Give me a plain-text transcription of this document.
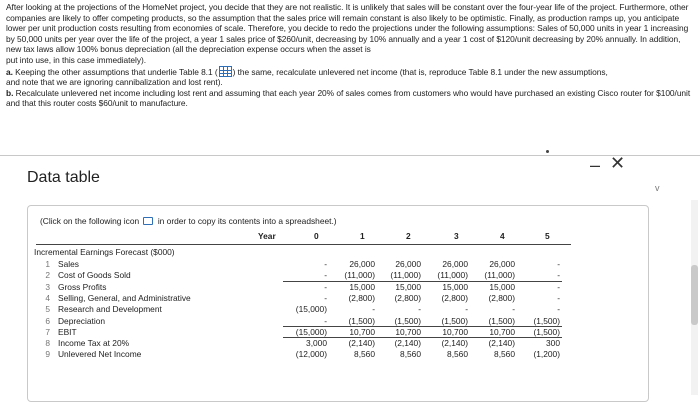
After looking at the projections of the HomeNet project, you decide that they are not realistic. It is unlikely that sales will be constant over the four-year life of the project. Furthermore, other companies are likely to offer competing products, so the assumption that the sales price will remain constant is also likely to be optimistic. Finally, as production ramps up, you anticipate lower per unit production costs resulting from economies of scale. Therefore, you decide to redo the projections under the following assumptions: Sales of 50,000 units in year 1 increasing by 50,000 units per year over the life of the project, a year 1 sales price of $260/unit, decreasing by 10% annually and a year 1 cost of $120/unit decreasing by 20% annually. In addition, new tax laws allow 100% bonus depreciation (all the depreciation expense occurs when the asset is

put into use, in this case immediately).

a. Keeping the other assumptions that underlie Table 8.1 ( ) the same, recalculate unlevered net income (that is, reproduce Table 8.1 under the new assumptions,

and note that we are ignoring cannibalization and lost rent).

b. Recalculate unlevered net income including lost rent and assuming that each year 20% of sales comes from customers who would have purchased an existing Cisco router for $100/unit and that this router costs $60/unit to manufacture.

– ✕
v
Data table
(Click on the following icon in order to copy its contents into a spreadsheet.)
Year	0	1	2	3	4	5
Incremental Earnings Forecast ($000)
1 Sales	-	26,000	26,000	26,000	26,000	-
2 Cost of Goods Sold	-	(11,000)	(11,000)	(11,000)	(11,000)	-
3 Gross Profits	-	15,000	15,000	15,000	15,000	-
4 Selling, General, and Administrative	-	(2,800)	(2,800)	(2,800)	(2,800)	-
5 Research and Development	(15,000)	-	-	-	-	-
6 Depreciation	-	(1,500)	(1,500)	(1,500)	(1,500)	(1,500)
7 EBIT	(15,000)	10,700	10,700	10,700	10,700	(1,500)
8 Income Tax at 20%	3,000	(2,140)	(2,140)	(2,140)	(2,140)	300
9 Unlevered Net Income	(12,000)	8,560	8,560	8,560	8,560	(1,200)
